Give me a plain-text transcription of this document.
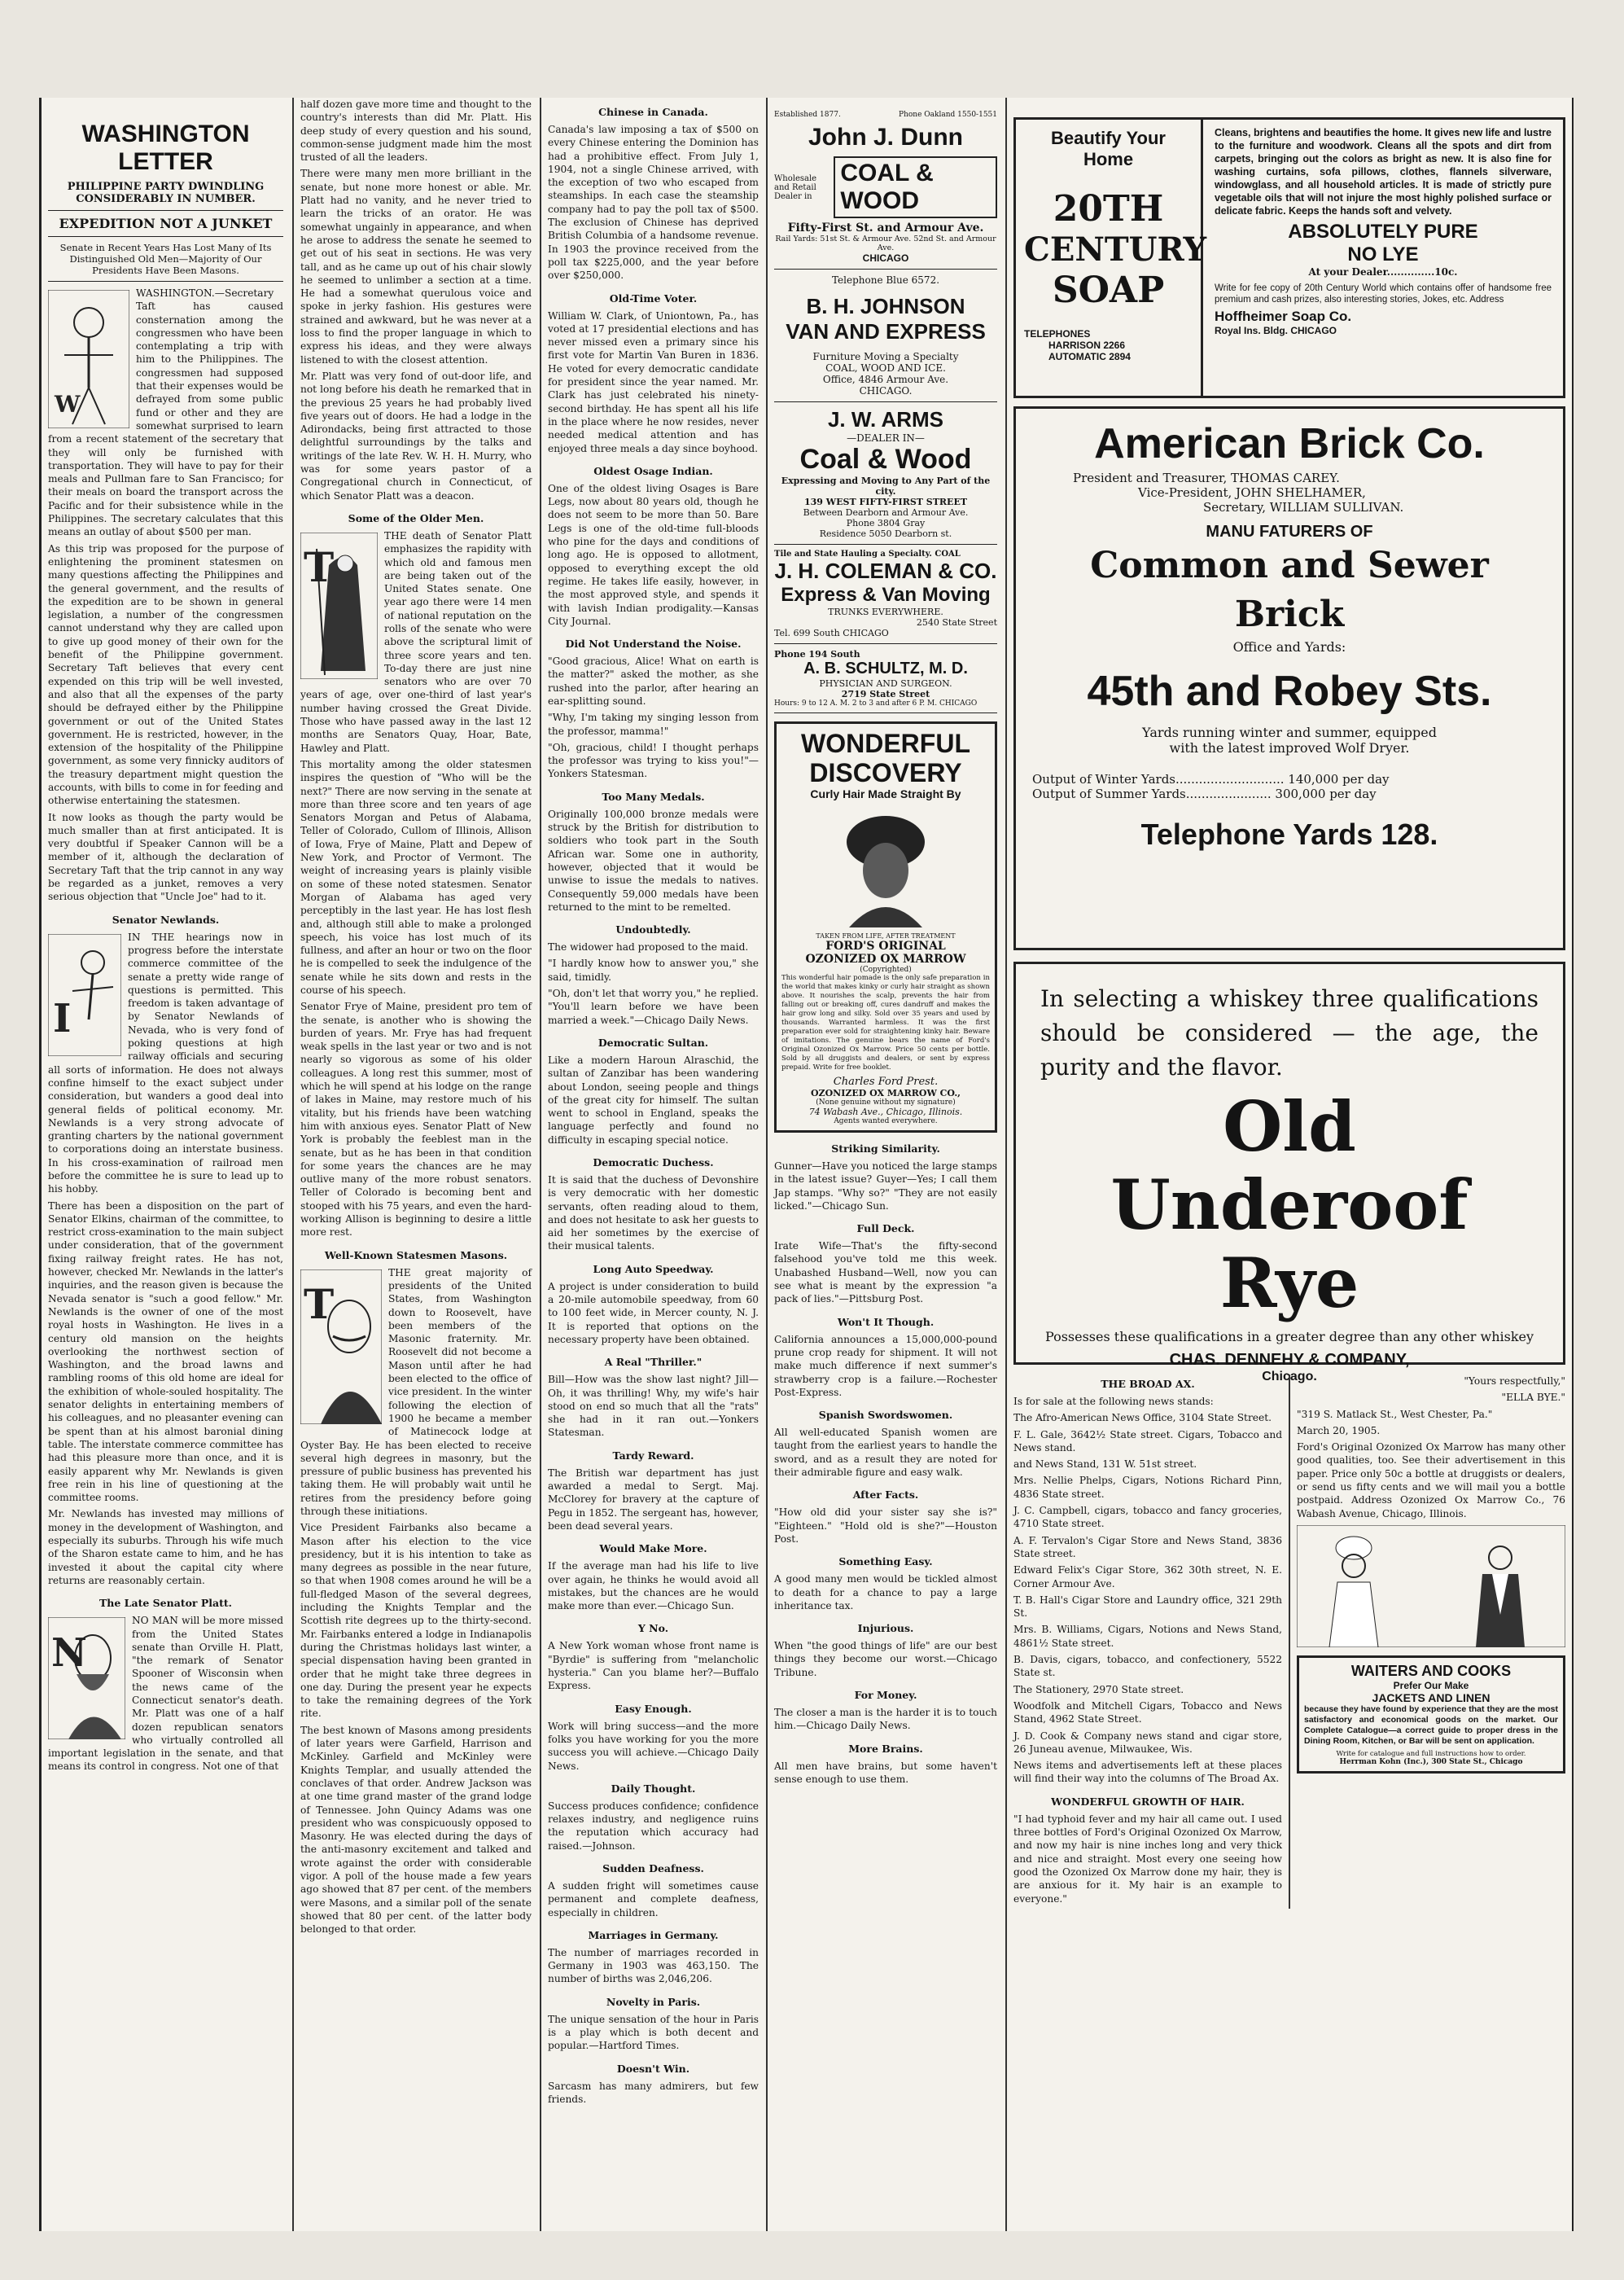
WASHINGTON LETTER
PHILIPPINE PARTY DWINDLING CONSIDERABLY IN NUMBER.
EXPEDITION NOT A JUNKET
Senate in Recent Years Has Lost Many of Its Distinguished Old Men—Majority of Our Presidents Have Been Masons.
W

WASHINGTON.—Secretary Taft has caused consternation among the congressmen who have been contemplating a trip with him to the Philippines. The congressmen had supposed that their expenses would be defrayed from some public fund or other and they are somewhat surprised to learn from a recent statement of the secretary that they will only be furnished with transportation. They will have to pay for their meals and Pullman fare to San Francisco; for their meals on board the transport across the Pacific and for their subsistence while in the Philippines. The secretary calculates that this means an outlay of about $500 per man.

As this trip was proposed for the purpose of enlightening the prominent statesmen on many questions affecting the Philippines and the general government, and the results of the expedition are to be shown in general legislation, a number of the congressmen cannot understand why they are called upon to give up good money of their own for the benefit of the Philippine government. Secretary Taft believes that every cent expended on this trip will be well invested, and also that all the expenses of the party should be defrayed either by the Philippine government or out of the United States government. He is restricted, however, in the extension of the hospitality of the Philippine government, as some very finnicky auditors of the treasury department might question the accounts, with bills to come in for feeding and otherwise entertaining the statesmen.

It now looks as though the party would be much smaller than at first anticipated. It is very doubtful if Speaker Cannon will be a member of it, although the declaration of Secretary Taft that the trip cannot in any way be regarded as a junket, removes a very serious objection that "Uncle Joe" had to it.

Senator Newlands.
I

IN THE hearings now in progress before the interstate commerce committee of the senate a pretty wide range of questions is permitted. This freedom is taken advantage of by Senator Newlands of Nevada, who is very fond of poking questions at high railway officials and securing all sorts of information. He does not always confine himself to the exact subject under consideration, but wanders a good deal into general fields of political economy. Mr. Newlands is a very strong advocate of granting charters by the national government to corporations doing an interstate business. In his cross-examination of railroad men before the committee he is sure to lead up to his hobby.

There has been a disposition on the part of Senator Elkins, chairman of the committee, to restrict cross-examination to the main subject under consideration, that of the government fixing railway freight rates. He has not, however, checked Mr. Newlands in the latter's inquiries, and the reason given is because the Nevada senator is "such a good fellow." Mr. Newlands is the owner of one of the most royal hosts in Washington. He lives in a century old mansion on the heights overlooking the northwest section of Washington, and the broad lawns and rambling rooms of this old home are ideal for the exhibition of whole-souled hospitality. The senator delights in entertaining members of his colleagues, and no pleasanter evening can be spent than at his almost baronial dining table. The interstate commerce committee has had this pleasure more than once, and it is easily apparent why Mr. Newlands is given free rein in his line of questioning at the committee rooms.

Mr. Newlands has invested may millions of money in the development of Washington, and especially its suburbs. Through his wife much of the Sharon estate came to him, and he has invested it about the capital city where returns are reasonably certain.

The Late Senator Platt.
N

NO MAN will be more missed from the United States senate than Orville H. Platt, "the remark of Senator Spooner of Wisconsin when the news came of the Connecticut senator's death. Mr. Platt was one of a half dozen republican senators who virtually controlled all important legislation in the senate, and that means its control in congress. Not one of that

half dozen gave more time and thought to the country's interests than did Mr. Platt. His deep study of every question and his sound, common-sense judgment made him the most trusted of all the leaders.

There were many men more brilliant in the senate, but none more honest or able. Mr. Platt had no vanity, and he never tried to learn the tricks of an orator. He was somewhat ungainly in appearance, and when he arose to address the senate he seemed to get out of his seat in sections. He was very tall, and as he came up out of his chair slowly he seemed to unlimber a section at a time. He had a somewhat querulous voice and spoke in jerky fashion. His gestures were strained and awkward, but he was never at a loss to find the proper language in which to express his ideas, and they were always listened to with the closest attention.

Mr. Platt was very fond of out-door life, and not long before his death he remarked that in the previous 25 years he had probably lived five years out of doors. He had a lodge in the Adirondacks, being first attracted to those delightful surroundings by the talks and writings of the late Rev. W. H. H. Murry, who was for some years pastor of a Congregational church in Connecticut, of which Senator Platt was a deacon.

Some of the Older Men.
T

THE death of Senator Platt emphasizes the rapidity with which old and famous men are being taken out of the United States senate. One year ago there were 14 men of national reputation on the rolls of the senate who were above the scriptural limit of three score years and ten. To-day there are just nine senators who are over 70 years of age, over one-third of last year's number having crossed the Great Divide. Those who have passed away in the last 12 months are Senators Quay, Hoar, Bate, Hawley and Platt.

This mortality among the older statesmen inspires the question of "Who will be the next?" There are now serving in the senate at more than three score and ten years of age Senators Morgan and Petus of Alabama, Teller of Colorado, Cullom of Illinois, Allison of Iowa, Frye of Maine, Platt and Depew of New York, and Proctor of Vermont. The weight of increasing years is plainly visible on some of these noted statesmen. Senator Morgan of Alabama has aged very perceptibly in the last year. He has lost flesh and, although still able to make a prolonged speech, his voice has lost much of its fullness, and after an hour or two on the floor he is compelled to seek the indulgence of the senate while he sits down and rests in the course of his speech.

Senator Frye of Maine, president pro tem of the senate, is another who is showing the burden of years. Mr. Frye has had frequent weak spells in the last year or two and is not nearly so vigorous as some of his older colleagues. A long rest this summer, most of which he will spend at his lodge on the range of lakes in Maine, may restore much of his vitality, but his friends have been watching him with anxious eyes. Senator Platt of New York is probably the feeblest man in the senate, but as he has been in that condition for some years the chances are he may outlive many of the more robust senators. Teller of Colorado is becoming bent and stooped with his 75 years, and even the hard-working Allison is beginning to desire a little more rest.

Well-Known Statesmen Masons.
T

THE great majority of presidents of the United States, from Washington down to Roosevelt, have been members of the Masonic fraternity. Mr. Roosevelt did not become a Mason until after he had been elected to the office of vice president. In the winter following the election of 1900 he became a member of Matinecock lodge at Oyster Bay. He has been elected to receive several high degrees in masonry, but the pressure of public business has prevented his taking them. He will probably wait until he retires from the presidency before going through these initiations.

Vice President Fairbanks also became a Mason after his election to the vice presidency, but it is his intention to take as many degrees as possible in the near future, so that when 1908 comes around he will be a full-fledged Mason of the several degrees, including the Knights Templar and the Scottish rite degrees up to the thirty-second. Mr. Fairbanks entered a lodge in Indianapolis during the Christmas holidays last winter, a special dispensation having been granted in order that he might take three degrees in one day. During the present year he expects to take the remaining degrees of the York rite.

The best known of Masons among presidents of later years were Garfield, Harrison and McKinley. Garfield and McKinley were Knights Templar, and usually attended the conclaves of that order. Andrew Jackson was at one time grand master of the grand lodge of Tennessee. John Quincy Adams was one president who was conspicuously opposed to Masonry. He was elected during the days of the anti-masonry excitement and talked and wrote against the order with considerable vigor. A poll of the house made a few years ago showed that 87 per cent. of the members were Masons, and a similar poll of the senate showed that 80 per cent. of the latter body belonged to that order.

Chinese in Canada.

Canada's law imposing a tax of $500 on every Chinese entering the Dominion has had a prohibitive effect. From July 1, 1904, not a single Chinese arrived, with the exception of two who escaped from steamships. In each case the steamship company had to pay the poll tax of $500. The exclusion of Chinese has deprived British Columbia of a handsome revenue. In 1903 the province received from the poll tax $225,000, and the year before over $250,000.

Old-Time Voter.

William W. Clark, of Uniontown, Pa., has voted at 17 presidential elections and has never missed even a primary since his first vote for Martin Van Buren in 1836. He voted for every democratic candidate for president since the year named. Mr. Clark has just celebrated his ninety-second birthday. He has spent all his life in the place where he now resides, never needed medical attention and has enjoyed three meals a day since boyhood.

Oldest Osage Indian.

One of the oldest living Osages is Bare Legs, now about 80 years old, though he does not seem to be more than 50. Bare Legs is one of the old-time full-bloods who pine for the days and conditions of long ago. He is opposed to allotment, opposed to everything except the old regime. He takes life easily, however, in the most approved style, and spends it with lavish Indian prodigality.—Kansas City Journal.

Did Not Understand the Noise.

"Good gracious, Alice! What on earth is the matter?" asked the mother, as she rushed into the parlor, after hearing an ear-splitting sound.

"Why, I'm taking my singing lesson from the professor, mamma!"

"Oh, gracious, child! I thought perhaps the professor was trying to kiss you!"—Yonkers Statesman.

Too Many Medals.

Originally 100,000 bronze medals were struck by the British for distribution to soldiers who took part in the South African war. Some one in authority, however, objected that it would be unwise to issue the medals to natives. Consequently 59,000 medals have been returned to the mint to be remelted.

Undoubtedly.

The widower had proposed to the maid.

"I hardly know how to answer you," she said, timidly.

"Oh, don't let that worry you," he replied. "You'll learn before we have been married a week."—Chicago Daily News.

Democratic Sultan.

Like a modern Haroun Alraschid, the sultan of Zanzibar has been wandering about London, seeing people and things of the great city for himself. The sultan went to school in England, speaks the language perfectly and found no difficulty in escaping special notice.

Democratic Duchess.

It is said that the duchess of Devonshire is very democratic with her domestic servants, often reading aloud to them, and does not hesitate to ask her guests to aid her sometimes by the exercise of their musical talents.

Long Auto Speedway.

A project is under consideration to build a 20-mile automobile speedway, from 60 to 100 feet wide, in Mercer county, N. J. It is reported that options on the necessary property have been obtained.

A Real "Thriller."

Bill—How was the show last night? Jill—Oh, it was thrilling! Why, my wife's hair stood on end so much that all the "rats" she had in it ran out.—Yonkers Statesman.

Tardy Reward.

The British war department has just awarded a medal to Sergt. Maj. McClorey for bravery at the capture of Pegu in 1852. The sergeant has, however, been dead several years.

Would Make More.

If the average man had his life to live over again, he thinks he would avoid all mistakes, but the chances are he would make more than ever.—Chicago Sun.

Y No.

A New York woman whose front name is "Byrdie" is suffering from "melancholic hysteria." Can you blame her?—Buffalo Express.

Easy Enough.

Work will bring success—and the more folks you have working for you the more success you will achieve.—Chicago Daily News.

Daily Thought.

Success produces confidence; confidence relaxes industry, and negligence ruins the reputation which accuracy had raised.—Johnson.

Sudden Deafness.

A sudden fright will sometimes cause permanent and complete deafness, especially in children.

Marriages in Germany.

The number of marriages recorded in Germany in 1903 was 463,150. The number of births was 2,046,206.

Novelty in Paris.

The unique sensation of the hour in Paris is a play which is both decent and popular.—Hartford Times.

Doesn't Win.

Sarcasm has many admirers, but few friends.

Established 1877.	Phone Oakland 1550-1551
John J. Dunn
Wholesale and Retail Dealer in
COAL & WOOD
Fifty-First St. and Armour Ave.
Rail Yards: 51st St. & Armour Ave. 52nd St. and Armour Ave.
CHICAGO
Telephone Blue 6572.
B. H. JOHNSON
VAN AND EXPRESS
Furniture Moving a Specialty
COAL, WOOD AND ICE.
Office, 4846 Armour Ave.
CHICAGO.
J. W. ARMS
—DEALER IN—
Coal & Wood
Expressing and Moving to Any Part of the city.
139 WEST FIFTY-FIRST STREET
Between Dearborn and Armour Ave.
Phone 3804 Gray
Residence 5050 Dearborn st.
Tile and State Hauling a Specialty. COAL
J. H. COLEMAN & CO.
Express & Van Moving
TRUNKS EVERYWHERE.
2540 State Street
Tel. 699 South CHICAGO
Phone 194 South
A. B. SCHULTZ, M. D.
PHYSICIAN AND SURGEON.
2719 State Street
Hours: 9 to 12 A. M. 2 to 3 and after 6 P. M. CHICAGO
WONDERFUL
DISCOVERY
Curly Hair Made Straight By
TAKEN FROM LIFE, AFTER TREATMENT
FORD'S ORIGINAL
OZONIZED OX MARROW
(Copyrighted)

This wonderful hair pomade is the only safe preparation in the world that makes kinky or curly hair straight as shown above. It nourishes the scalp, prevents the hair from falling out or breaking off, cures dandruff and makes the hair grow long and silky. Sold over 35 years and used by thousands. Warranted harmless. It was the first preparation ever sold for straightening kinky hair. Beware of imitations. The genuine bears the name of Ford's Original Ozonized Ox Marrow. Price 50 cents per bottle. Sold by all druggists and dealers, or sent by express prepaid. Write for free booklet.

Charles Ford Prest.
OZONIZED OX MARROW CO.,
(None genuine without my signature)
74 Wabash Ave., Chicago, Illinois.
Agents wanted everywhere.
Striking Similarity.

Gunner—Have you noticed the large stamps in the latest issue? Guyer—Yes; I call them Jap stamps. "Why so?" "They are not easily licked."—Chicago Sun.

Full Deck.

Irate Wife—That's the fifty-second falsehood you've told me this week. Unabashed Husband—Well, now you can see what is meant by the expression "a pack of lies."—Pittsburg Post.

Won't It Though.

California announces a 15,000,000-pound prune crop ready for shipment. It will not make much difference if next summer's strawberry crop is a failure.—Rochester Post-Express.

Spanish Swordswomen.

All well-educated Spanish women are taught from the earliest years to handle the sword, and as a result they are noted for their admirable figure and easy walk.

After Facts.

"How old did your sister say she is?" "Eighteen." "Hold old is she?"—Houston Post.

Something Easy.

A good many men would be tickled almost to death for a chance to pay a large inheritance tax.

Injurious.

When "the good things of life" are our best things they become our worst.—Chicago Tribune.

For Money.

The closer a man is the harder it is to touch him.—Chicago Daily News.

More Brains.

All men have brains, but some haven't sense enough to use them.

Beautify Your Home
20TH
CENTURY
SOAP
TELEPHONES
HARRISON 2266
AUTOMATIC 2894

Cleans, brightens and beautifies the home. It gives new life and lustre to the furniture and woodwork. Cleans all the spots and dirt from carpets, bringing out the colors as bright as new. It is also fine for washing curtains, sofa pillows, clothes, flannels silverware, windowglass, and all household articles. It is made of strictly pure vegetable oils that will not injure the most highly polished surface or delicate fabric. Keeps the hands soft and velvety.

ABSOLUTELY PURE
NO LYE
At your Dealer..............10c.

Write for fee copy of 20th Century World which contains offer of handsome free premium and cash prizes, also interesting stories, Jokes, etc. Address

Hoffheimer Soap Co.
Royal Ins. Bldg. CHICAGO
American Brick Co.
President and Treasurer, THOMAS CAREY.
Vice-President, JOHN SHELHAMER,
Secretary, WILLIAM SULLIVAN.
MANU FATURERS OF
Common and Sewer Brick
Office and Yards:
45th and Robey Sts.
Yards running winter and summer, equipped
with the latest improved Wolf Dryer.
Output of Winter Yards............................ 140,000 per day
Output of Summer Yards...................... 300,000 per day
Telephone Yards 128.

In selecting a whiskey three qualifications should be considered — the age, the purity and the flavor.

Old
Underoof
Rye
Possesses these qualifications in a greater degree than any other whiskey
CHAS. DENNEHY & COMPANY,
Chicago.
THE BROAD AX.

Is for sale at the following news stands:

The Afro-American News Office, 3104 State Street.

F. L. Gale, 3642½ State street. Cigars, Tobacco and News stand.

and News Stand, 131 W. 51st street.

Mrs. Nellie Phelps, Cigars, Notions Richard Pinn, 4836 State street.

J. C. Campbell, cigars, tobacco and fancy groceries, 4710 State street.

A. F. Tervalon's Cigar Store and News Stand, 3836 State street.

Edward Felix's Cigar Store, 362 30th street, N. E. Corner Armour Ave.

T. B. Hall's Cigar Store and Laundry office, 321 29th St.

Mrs. B. Williams, Cigars, Notions and News Stand, 4861½ State street.

B. Davis, cigars, tobacco, and confectionery, 5522 State st.

The Stationery, 2970 State street.

Woodfolk and Mitchell Cigars, Tobacco and News Stand, 4962 State Street.

J. D. Cook & Company news stand and cigar store, 26 Juneau avenue, Milwaukee, Wis.

News items and advertisements left at these places will find their way into the columns of The Broad Ax.

WONDERFUL GROWTH OF HAIR.

"I had typhoid fever and my hair all came out. I used three bottles of Ford's Original Ozonized Ox Marrow, and now my hair is nine inches long and very thick and nice and straight. Most every one seeing how good the Ozonized Ox Marrow done my hair, they is are anxious for it. My hair is an example to everyone."

"Yours respectfully,"

"ELLA BYE."

"319 S. Matlack St., West Chester, Pa."

March 20, 1905.

Ford's Original Ozonized Ox Marrow has many other good qualities, too. See their advertisement in this paper. Price only 50c a bottle at druggists or dealers, or send us fifty cents and we will mail you a bottle postpaid. Address Ozonized Ox Marrow Co., 76 Wabash Avenue, Chicago, Illinois.

WAITERS AND COOKS
Prefer Our Make
JACKETS AND LINEN

because they have found by experience that they are the most satisfactory and economical goods on the market. Our Complete Catalogue—a correct guide to proper dress in the Dining Room, Kitchen, or Bar will be sent on application.

Write for catalogue and full instructions how to order.
Herrman Kohn (Inc.), 300 State St., Chicago
